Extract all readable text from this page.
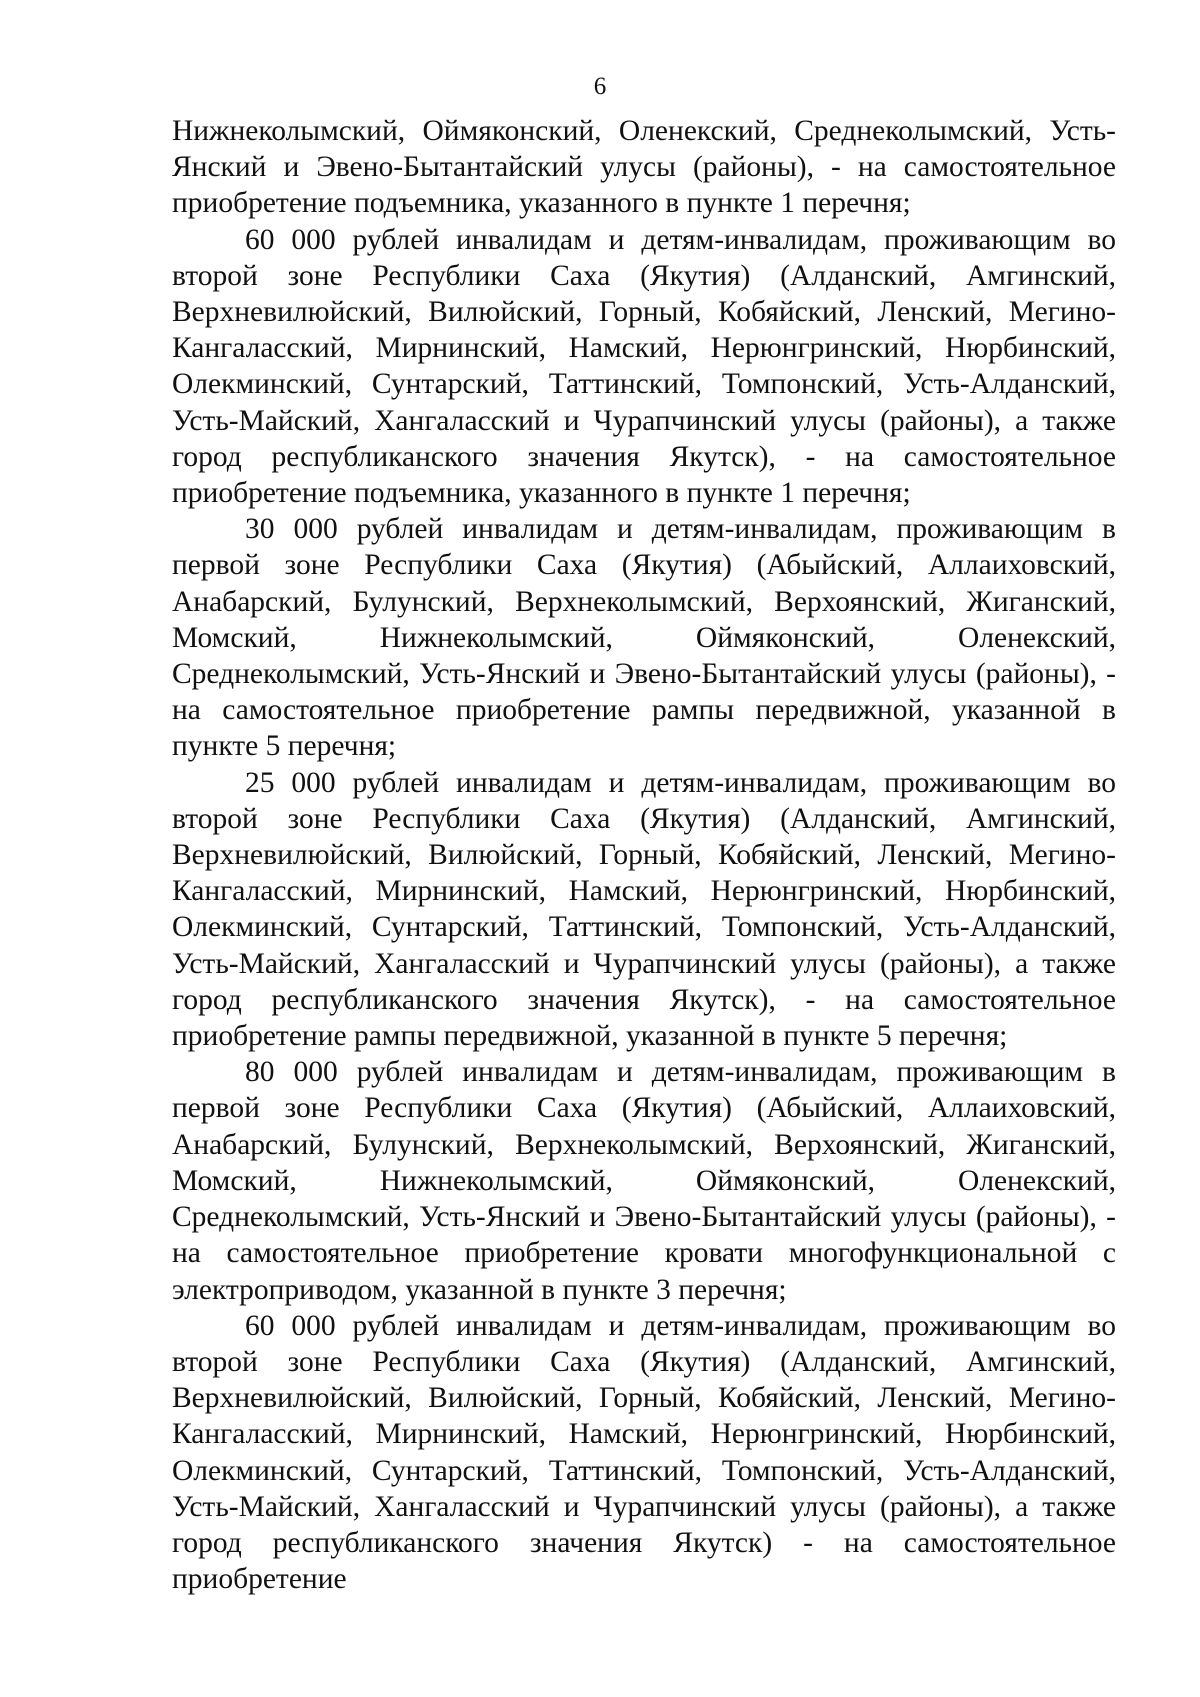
6

Нижнеколымский, Оймяконский, Оленекский, Среднеколымский, Усть-Янский и Эвено-Бытантайский улусы (районы), - на самостоятельное приобретение подъемника, указанного в пункте 1 перечня;

60 000 рублей инвалидам и детям-инвалидам, проживающим во второй зоне Республики Саха (Якутия) (Алданский, Амгинский, Верхневилюйский, Вилюйский, Горный, Кобяйский, Ленский, Мегино-Кангаласский, Мирнинский, Намский, Нерюнгринский, Нюрбинский, Олекминский, Сунтарский, Таттинский, Томпонский, Усть-Алданский, Усть-Майский, Хангаласский и Чурапчинский улусы (районы), а также город республиканского значения Якутск), - на самостоятельное приобретение подъемника, указанного в пункте 1 перечня;

30 000 рублей инвалидам и детям-инвалидам, проживающим в первой зоне Республики Саха (Якутия) (Абыйский, Аллаиховский, Анабарский, Булунский, Верхнеколымский, Верхоянский, Жиганский, Момский, Нижнеколымский, Оймяконский, Оленекский, Среднеколымский, Усть-Янский и Эвено-Бытантайский улусы (районы), - на самостоятельное приобретение рампы передвижной, указанной в пункте 5 перечня;

25 000 рублей инвалидам и детям-инвалидам, проживающим во второй зоне Республики Саха (Якутия) (Алданский, Амгинский, Верхневилюйский, Вилюйский, Горный, Кобяйский, Ленский, Мегино-Кангаласский, Мирнинский, Намский, Нерюнгринский, Нюрбинский, Олекминский, Сунтарский, Таттинский, Томпонский, Усть-Алданский, Усть-Майский, Хангаласский и Чурапчинский улусы (районы), а также город республиканского значения Якутск), - на самостоятельное приобретение рампы передвижной, указанной в пункте 5 перечня;

80 000 рублей инвалидам и детям-инвалидам, проживающим в первой зоне Республики Саха (Якутия) (Абыйский, Аллаиховский, Анабарский, Булунский, Верхнеколымский, Верхоянский, Жиганский, Момский, Нижнеколымский, Оймяконский, Оленекский, Среднеколымский, Усть-Янский и Эвено-Бытантайский улусы (районы), - на самостоятельное приобретение кровати многофункциональной с электроприводом, указанной в пункте 3 перечня;

60 000 рублей инвалидам и детям-инвалидам, проживающим во второй зоне Республики Саха (Якутия) (Алданский, Амгинский, Верхневилюйский, Вилюйский, Горный, Кобяйский, Ленский, Мегино-Кангаласский, Мирнинский, Намский, Нерюнгринский, Нюрбинский, Олекминский, Сунтарский, Таттинский, Томпонский, Усть-Алданский, Усть-Майский, Хангаласский и Чурапчинский улусы (районы), а также город республиканского значения Якутск) - на самостоятельное приобретение
